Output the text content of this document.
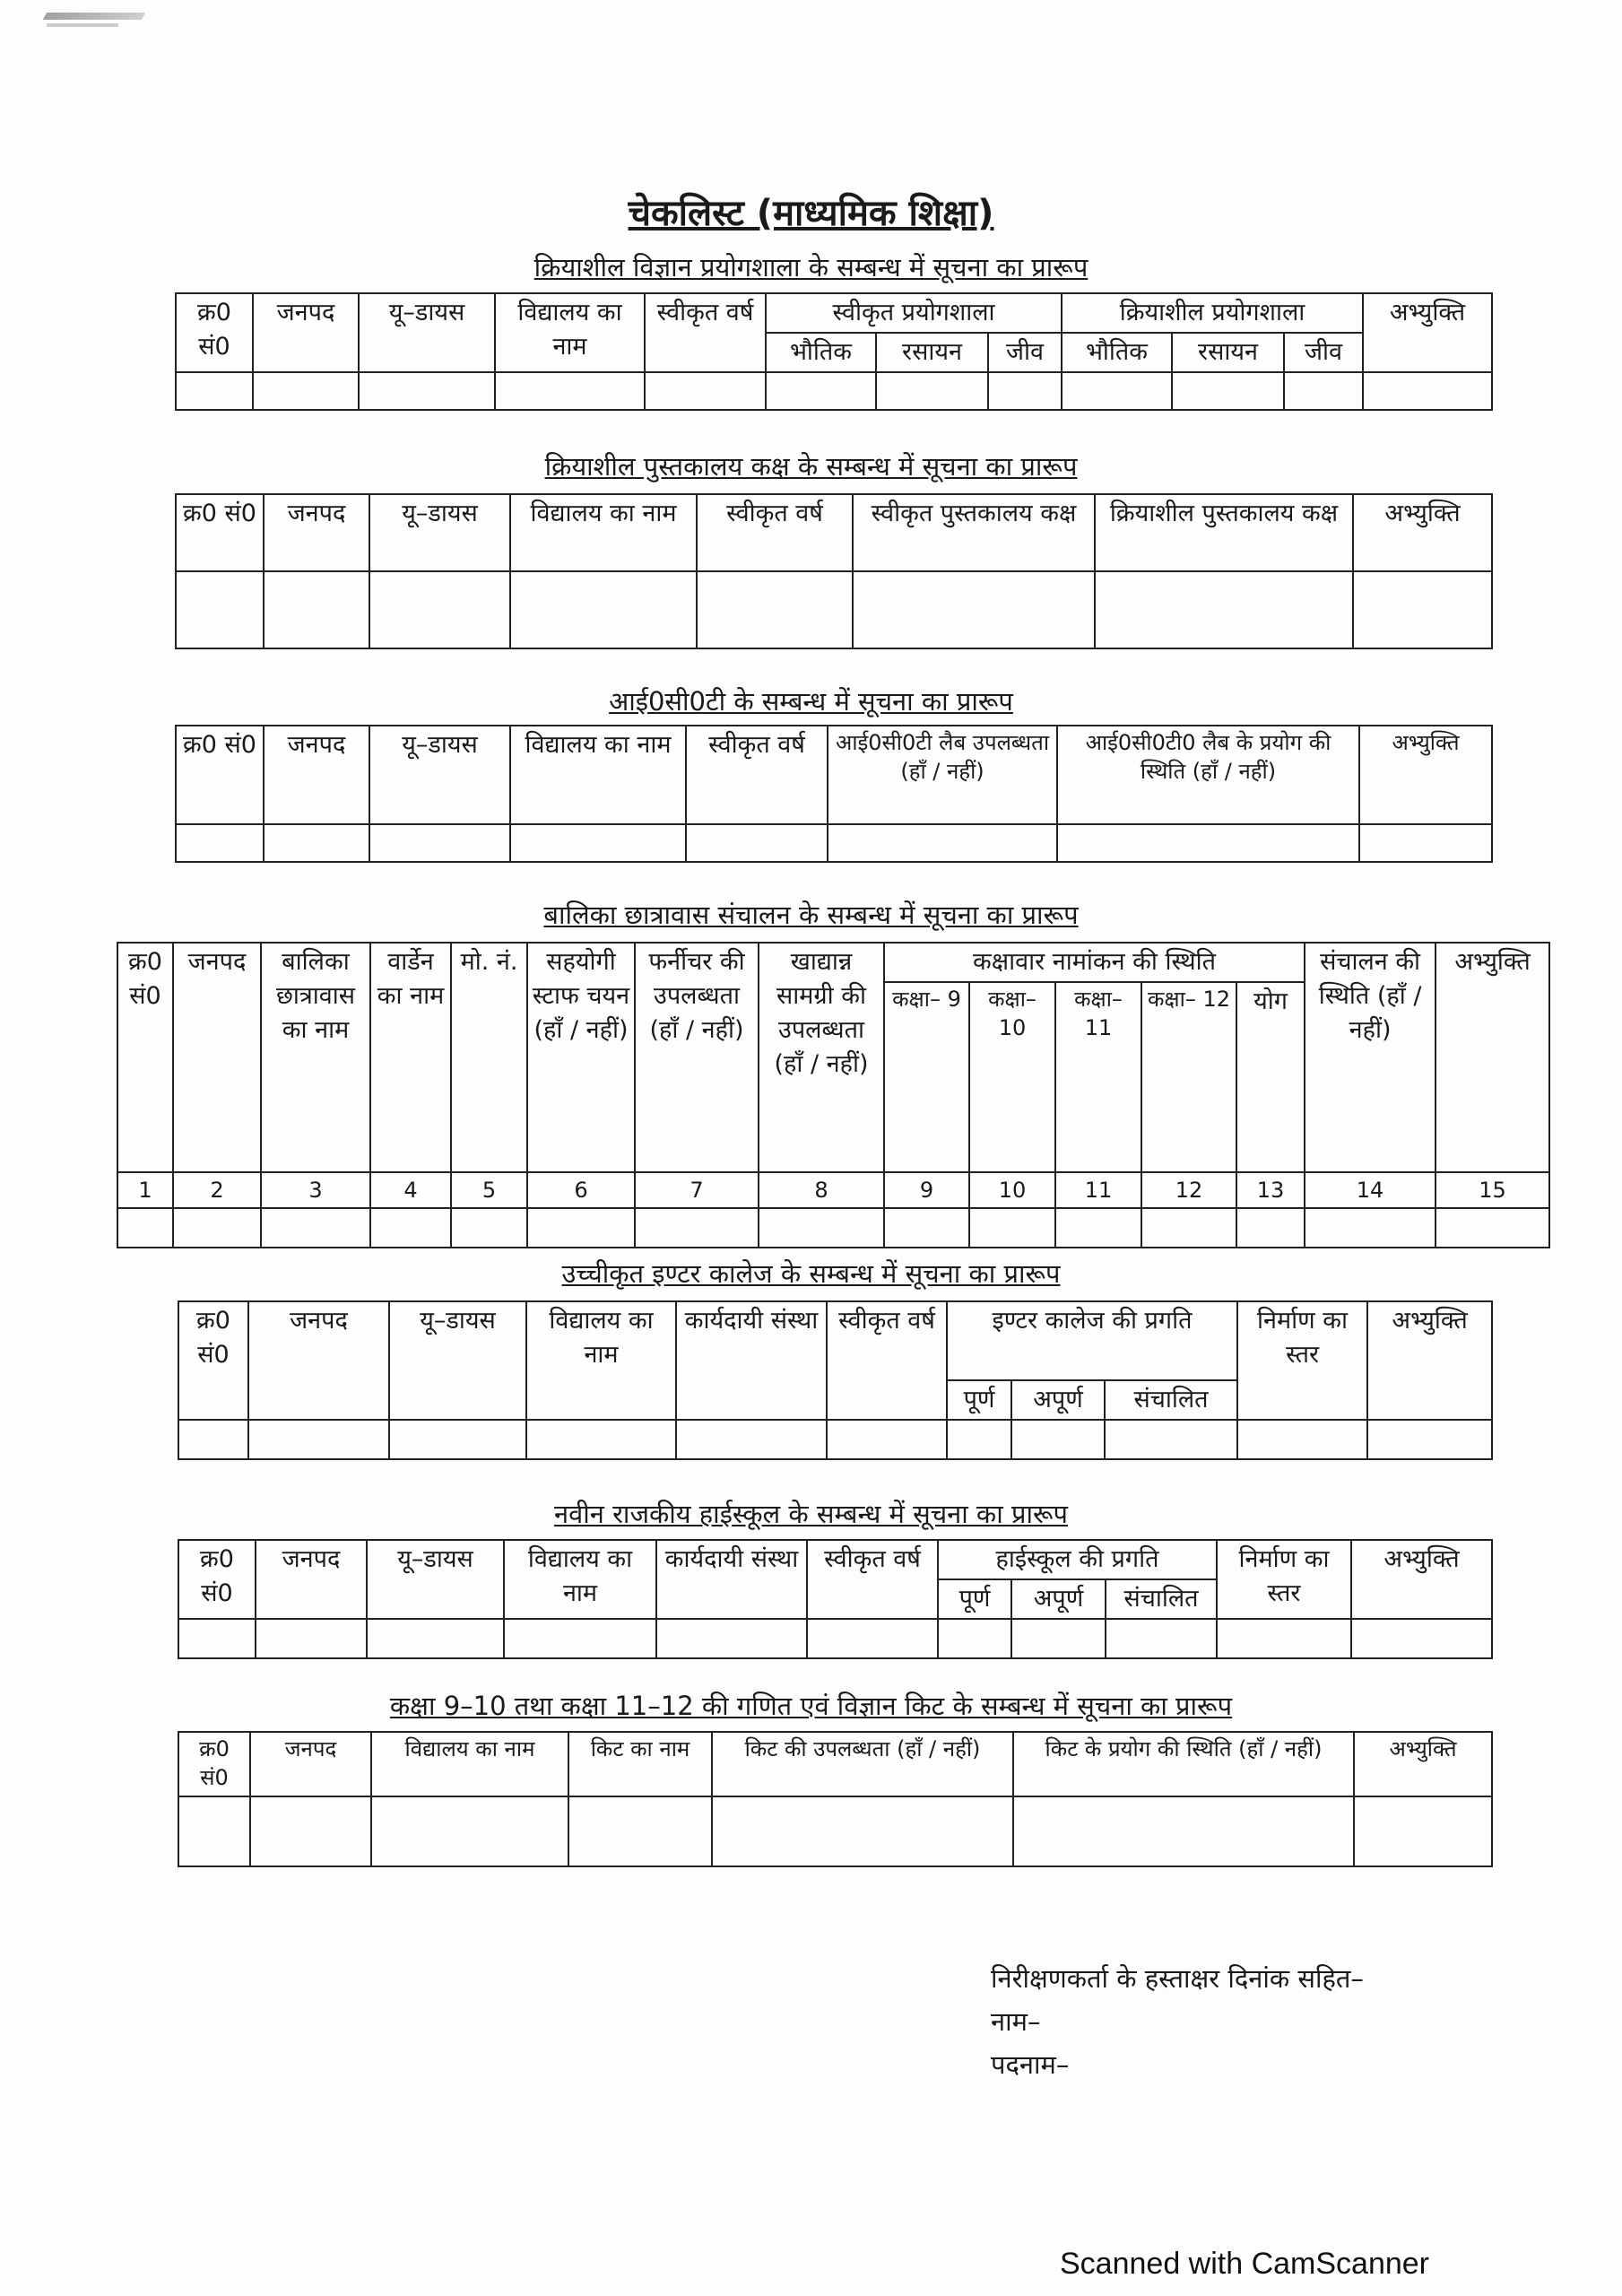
चेकलिस्ट (माध्यमिक शिक्षा)
क्रियाशील विज्ञान प्रयोगशाला के सम्बन्ध में सूचना का प्रारूप
क्र0 सं0	जनपद	यू–डायस	विद्यालय का नाम	स्वीकृत वर्ष	स्वीकृत प्रयोगशाला			क्रियाशील प्रयोगशाला			अभ्युक्ति
					भौतिक	रसायन	जीव	भौतिक	रसायन	जीव	

क्रियाशील पुस्तकालय कक्ष के सम्बन्ध में सूचना का प्रारूप
क्र0 सं0	जनपद	यू–डायस	विद्यालय का नाम	स्वीकृत वर्ष	स्वीकृत पुस्तकालय कक्ष	क्रियाशील पुस्तकालय कक्ष	अभ्युक्ति

आई0सी0टी के सम्बन्ध में सूचना का प्रारूप
क्र0 सं0	जनपद	यू–डायस	विद्यालय का नाम	स्वीकृत वर्ष	आई0सी0टी लैब उपलब्धता (हाँ / नहीं)	आई0सी0टी0 लैब के प्रयोग की स्थिति (हाँ / नहीं)	अभ्युक्ति

बालिका छात्रावास संचालन के सम्बन्ध में सूचना का प्रारूप
क्र0 सं0	जनपद	बालिका छात्रावास का नाम	वार्डेन का नाम	मो. नं.	सहयोगी स्टाफ चयन (हाँ / नहीं)	फर्नीचर की उपलब्धता (हाँ / नहीं)	खाद्यान्न सामग्री की उपलब्धता (हाँ / नहीं)	कक्षावार नामांकन की स्थिति					संचालन की स्थिति (हाँ / नहीं)	अभ्युक्ति
								कक्षा– 9	कक्षा– 10	कक्षा– 11	कक्षा– 12	योग		
1	2	3	4	5	6	7	8	9	10	11	12	13	14	15

उच्चीकृत इण्टर कालेज के सम्बन्ध में सूचना का प्रारूप
क्र0 सं0	जनपद	यू–डायस	विद्यालय का नाम	कार्यदायी संस्था	स्वीकृत वर्ष	इण्टर कालेज की प्रगति			निर्माण का स्तर	अभ्युक्ति
						पूर्ण	अपूर्ण	संचालित		

नवीन राजकीय हाईस्कूल के सम्बन्ध में सूचना का प्रारूप
क्र0 सं0	जनपद	यू–डायस	विद्यालय का नाम	कार्यदायी संस्था	स्वीकृत वर्ष	हाईस्कूल की प्रगति			निर्माण का स्तर	अभ्युक्ति
						पूर्ण	अपूर्ण	संचालित		

कक्षा 9–10 तथा कक्षा 11–12 की गणित एवं विज्ञान किट के सम्बन्ध में सूचना का प्रारूप
क्र0 सं0	जनपद	विद्यालय का नाम	किट का नाम	किट की उपलब्धता (हाँ / नहीं)	किट के प्रयोग की स्थिति (हाँ / नहीं)	अभ्युक्ति

निरीक्षणकर्ता के हस्ताक्षर दिनांक सहित–
नाम–
पदनाम–
Scanned with CamScanner
